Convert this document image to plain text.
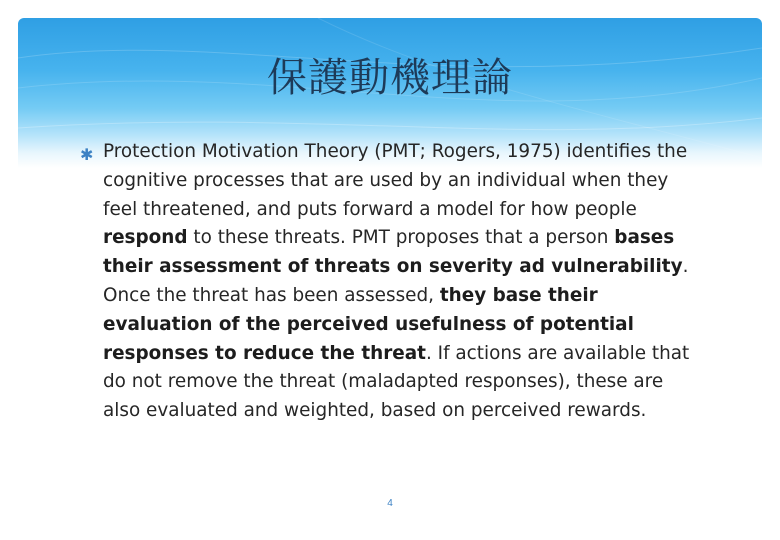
保護動機理論
✱ Protection Motivation Theory (PMT; Rogers, 1975) identifies the cognitive processes that are used by an individual when they feel threatened, and puts forward a model for how people respond to these threats. PMT proposes that a person bases their assessment of threats on severity ad vulnerability. Once the threat has been assessed, they base their evaluation of the perceived usefulness of potential responses to reduce the threat. If actions are available that do not remove the threat (maladapted responses), these are also evaluated and weighted, based on perceived rewards.
4
